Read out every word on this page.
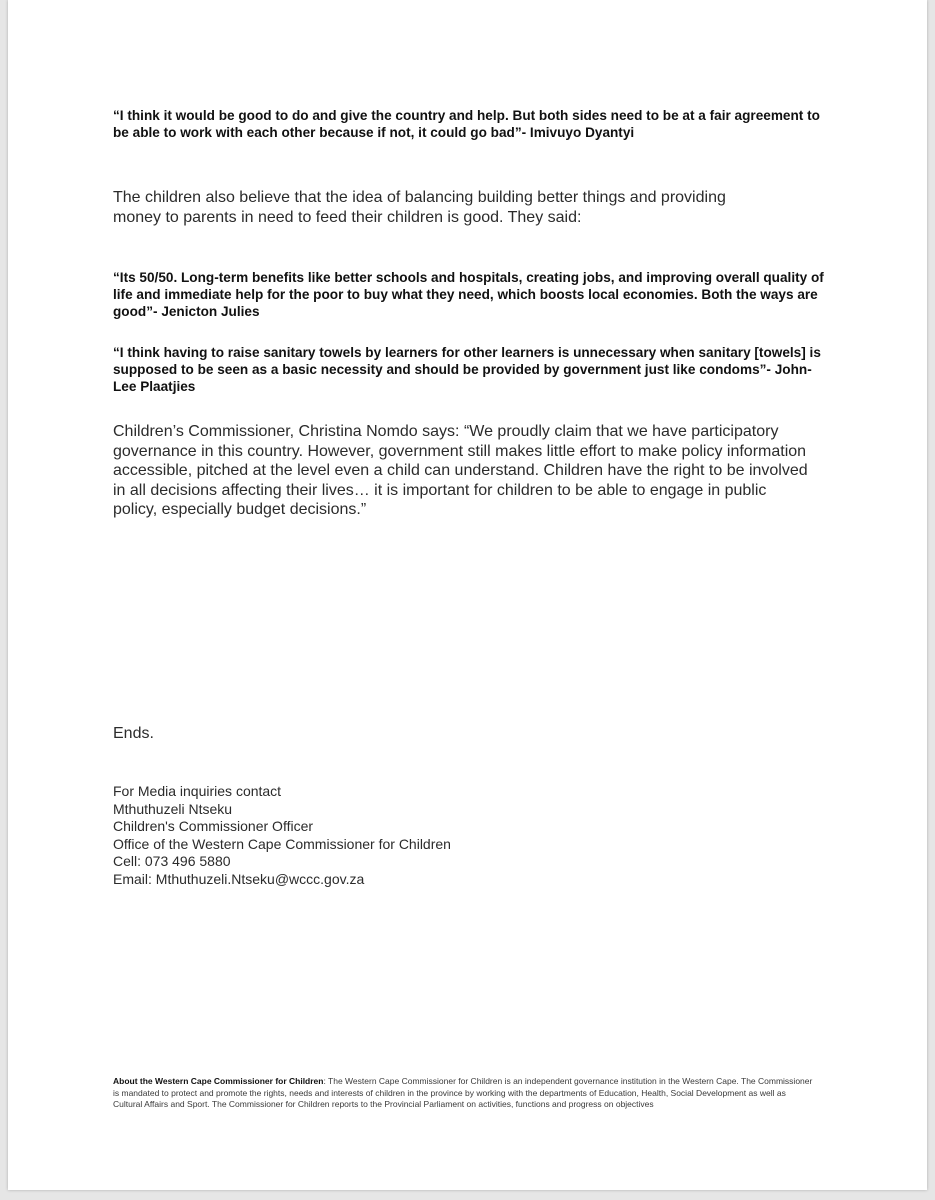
“I think it would be good to do and give the country and help. But both sides need to be at a fair agreement to be able to work with each other because if not, it could go bad”- Imivuyo Dyantyi
The children also believe that the idea of balancing building better things and providing money to parents in need to feed their children is good. They said:
“Its 50/50. Long-term benefits like better schools and hospitals, creating jobs, and improving overall quality of life and immediate help for the poor to buy what they need, which boosts local economies. Both the ways are good”- Jenicton Julies
“I think having to raise sanitary towels by learners for other learners is unnecessary when sanitary [towels] is supposed to be seen as a basic necessity and should be provided by government just like condoms”- John-Lee Plaatjies
Children’s Commissioner, Christina Nomdo says: “We proudly claim that we have participatory governance in this country. However, government still makes little effort to make policy information accessible, pitched at the level even a child can understand. Children have the right to be involved in all decisions affecting their lives… it is important for children to be able to engage in public policy, especially budget decisions.”
Ends.
For Media inquiries contact
Mthuthuzeli Ntseku
Children's Commissioner Officer
Office of the Western Cape Commissioner for Children
Cell: 073 496 5880
Email: Mthuthuzeli.Ntseku@wccc.gov.za
About the Western Cape Commissioner for Children: The Western Cape Commissioner for Children is an independent governance institution in the Western Cape. The Commissioner is mandated to protect and promote the rights, needs and interests of children in the province by working with the departments of Education, Health, Social Development as well as Cultural Affairs and Sport. The Commissioner for Children reports to the Provincial Parliament on activities, functions and progress on objectives
